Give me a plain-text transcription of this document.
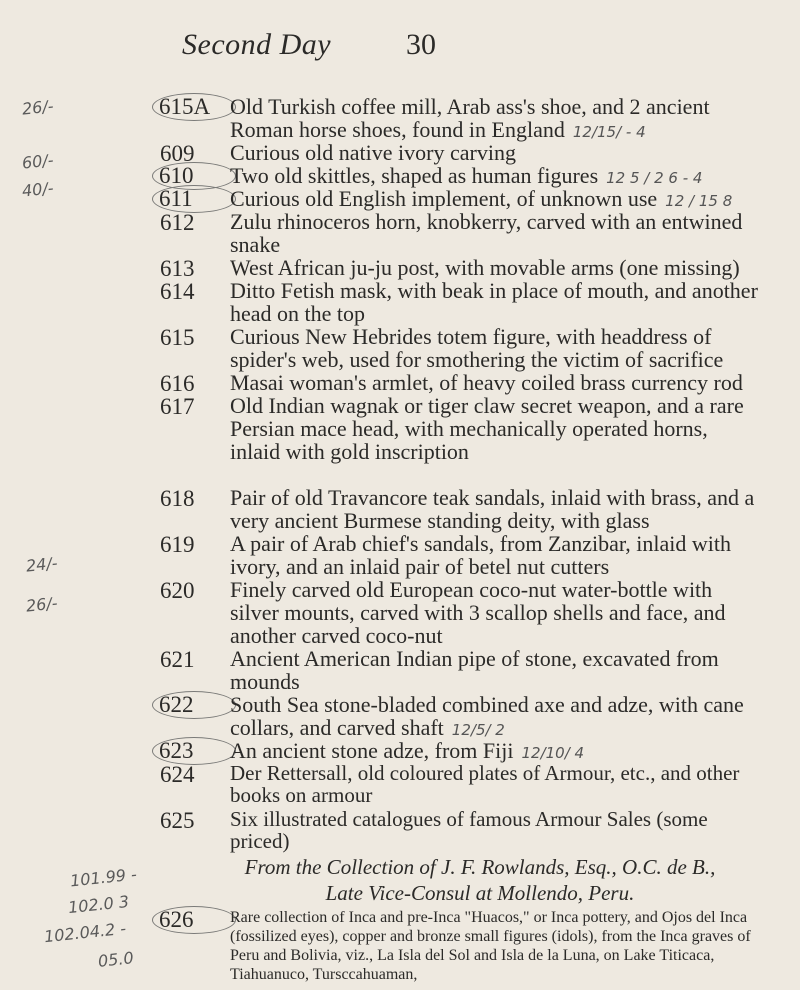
Second Day 30
26/-
60/-
40/-
24/-
26/-
101.99 -
102.0 3
102.04.2 -
05.0
615A Old Turkish coffee mill, Arab ass's shoe, and 2 ancient Roman horse shoes, found in England 12/15/ - 4
609	Curious old native ivory carving
610	Two old skittles, shaped as human figures 12 5 / 2 6 - 4
611	Curious old English implement, of unknown use 12 / 15 8
612	Zulu rhinoceros horn, knobkerry, carved with an entwined snake
613	West African ju-ju post, with movable arms (one missing)
614	Ditto Fetish mask, with beak in place of mouth, and another head on the top
615	Curious New Hebrides totem figure, with headdress of spider's web, used for smothering the victim of sacrifice
616	Masai woman's armlet, of heavy coiled brass currency rod
617	Old Indian wagnak or tiger claw secret weapon, and a rare Persian mace head, with mechanically operated horns, inlaid with gold inscription
618	Pair of old Travancore teak sandals, inlaid with brass, and a very ancient Burmese standing deity, with glass
619	A pair of Arab chief's sandals, from Zanzibar, inlaid with ivory, and an inlaid pair of betel nut cutters
620	Finely carved old European coco-nut water-bottle with silver mounts, carved with 3 scallop shells and face, and another carved coco-nut
621	Ancient American Indian pipe of stone, excavated from mounds
622	South Sea stone-bladed combined axe and adze, with cane collars, and carved shaft 12/5/ 2
623	An ancient stone adze, from Fiji 12/10/ 4
624	Der Rettersall, old coloured plates of Armour, etc., and other books on armour
625	Six illustrated catalogues of famous Armour Sales (some priced)
From the Collection of J. F. Rowlands, Esq., O.C. de B.,
Late Vice-Consul at Mollendo, Peru.
626	Rare collection of Inca and pre-Inca "Huacos," or Inca pottery, and Ojos del Inca (fossilized eyes), copper and bronze small figures (idols), from the Inca graves of Peru and Bolivia, viz., La Isla del Sol and Isla de la Luna, on Lake Titicaca, Tiahuanuco, Tursccahuaman,
